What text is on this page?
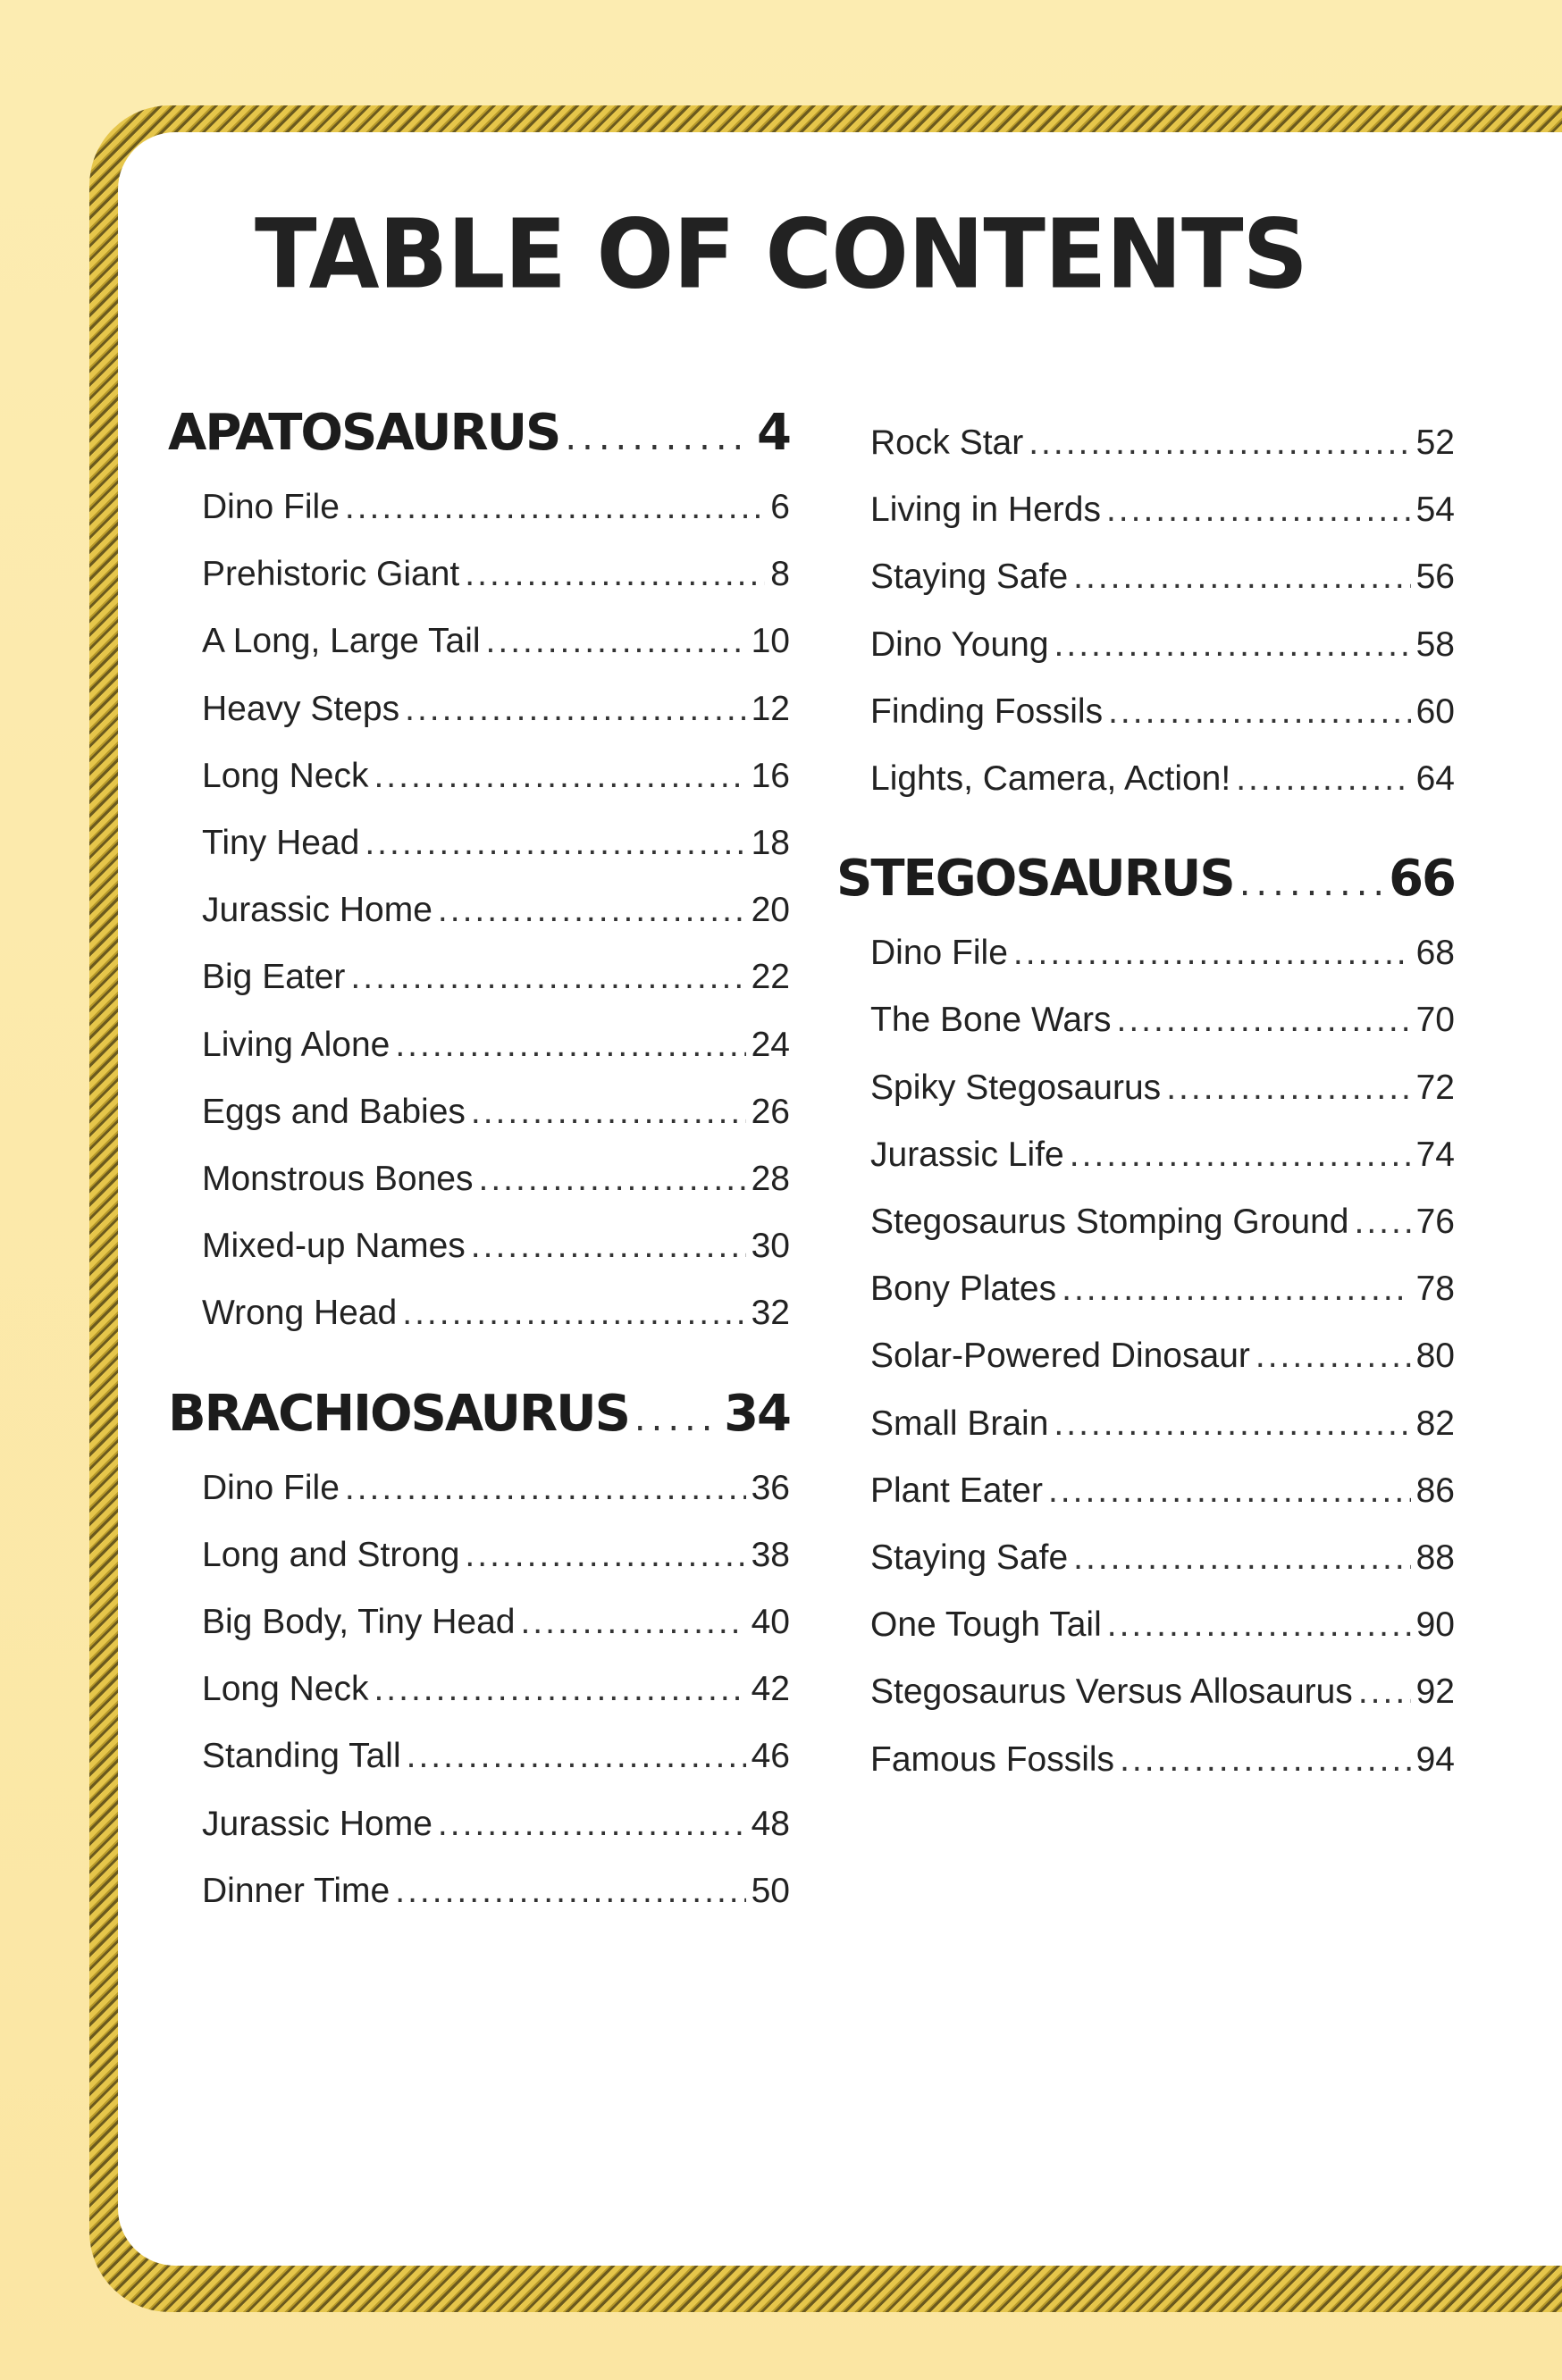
TABLE OF CONTENTS
APATOSAURUS .....	4
Dino File .....	6
Prehistoric Giant .....	8
A Long, Large Tail .....	10
Heavy Steps .....	12
Long Neck .....	16
Tiny Head .....	18
Jurassic Home .....	20
Big Eater .....	22
Living Alone .....	24
Eggs and Babies .....	26
Monstrous Bones .....	28
Mixed-up Names .....	30
Wrong Head .....	32
BRACHIOSAURUS ..... 34
Dino File .....	36
Long and Strong .....	38
Big Body, Tiny Head .....	40
Long Neck .....	42
Standing Tall .....	46
Jurassic Home .....	48
Dinner Time .....	50
Rock Star .....	52
Living in Herds .....	54
Staying Safe .....	56
Dino Young .....	58
Finding Fossils .....	60
Lights, Camera, Action! .....	64
STEGOSAURUS .....	66
Dino File .....	68
The Bone Wars .....	70
Spiky Stegosaurus .....	72
Jurassic Life .....	74
Stegosaurus Stomping Ground ..... 76
Bony Plates .....	78
Solar-Powered Dinosaur .....	80
Small Brain .....	82
Plant Eater .....	86
Staying Safe .....	88
One Tough Tail .....	90
Stegosaurus Versus Allosaurus ..... 92
Famous Fossils .....	94
